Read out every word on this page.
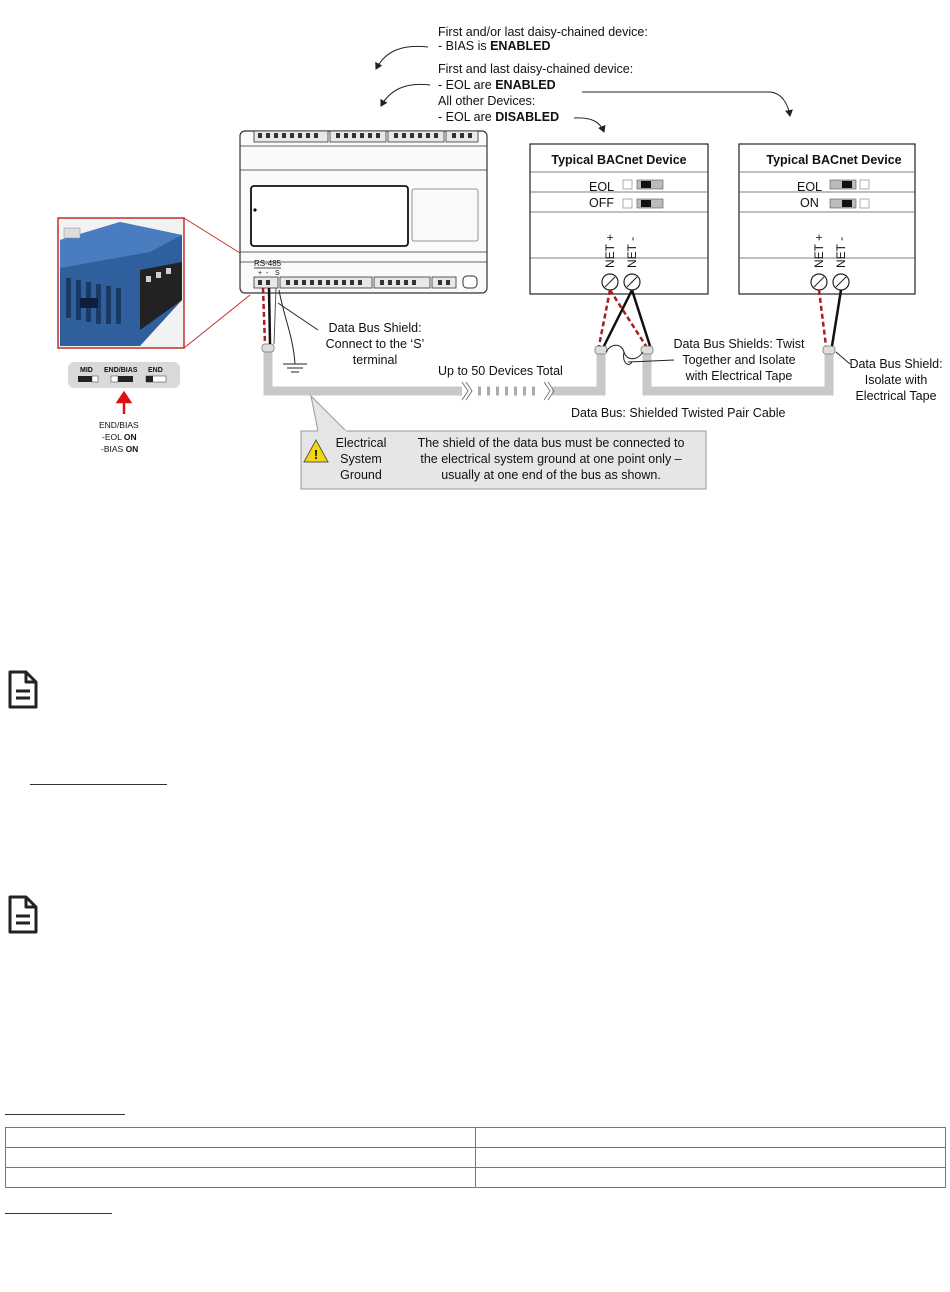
First and/or last daisy-chained device:
- BIAS is ENABLED
First and last daisy-chained device:
- EOL are ENABLED
All other Devices:
- EOL are DISABLED
RS-485
+ - S
MID END/BIAS END
END/BIAS
-EOL ON
-BIAS ON
Typical BACnet Device
EOL
OFF
NET + NET -
Typical BACnet Device
EOL
ON
NET + NET -
Data Bus Shield:
Connect to the ‘S’
terminal
Data Bus Shields: Twist
Together and Isolate
with Electrical Tape
Data Bus Shield:
Isolate with
Electrical Tape
Up to 50 Devices Total
Data Bus: Shielded Twisted Pair Cable
!
Electrical
System
Ground
The shield of the data bus must be connected to
the electrical system ground at one point only –
usually at one end of the bus as shown.
